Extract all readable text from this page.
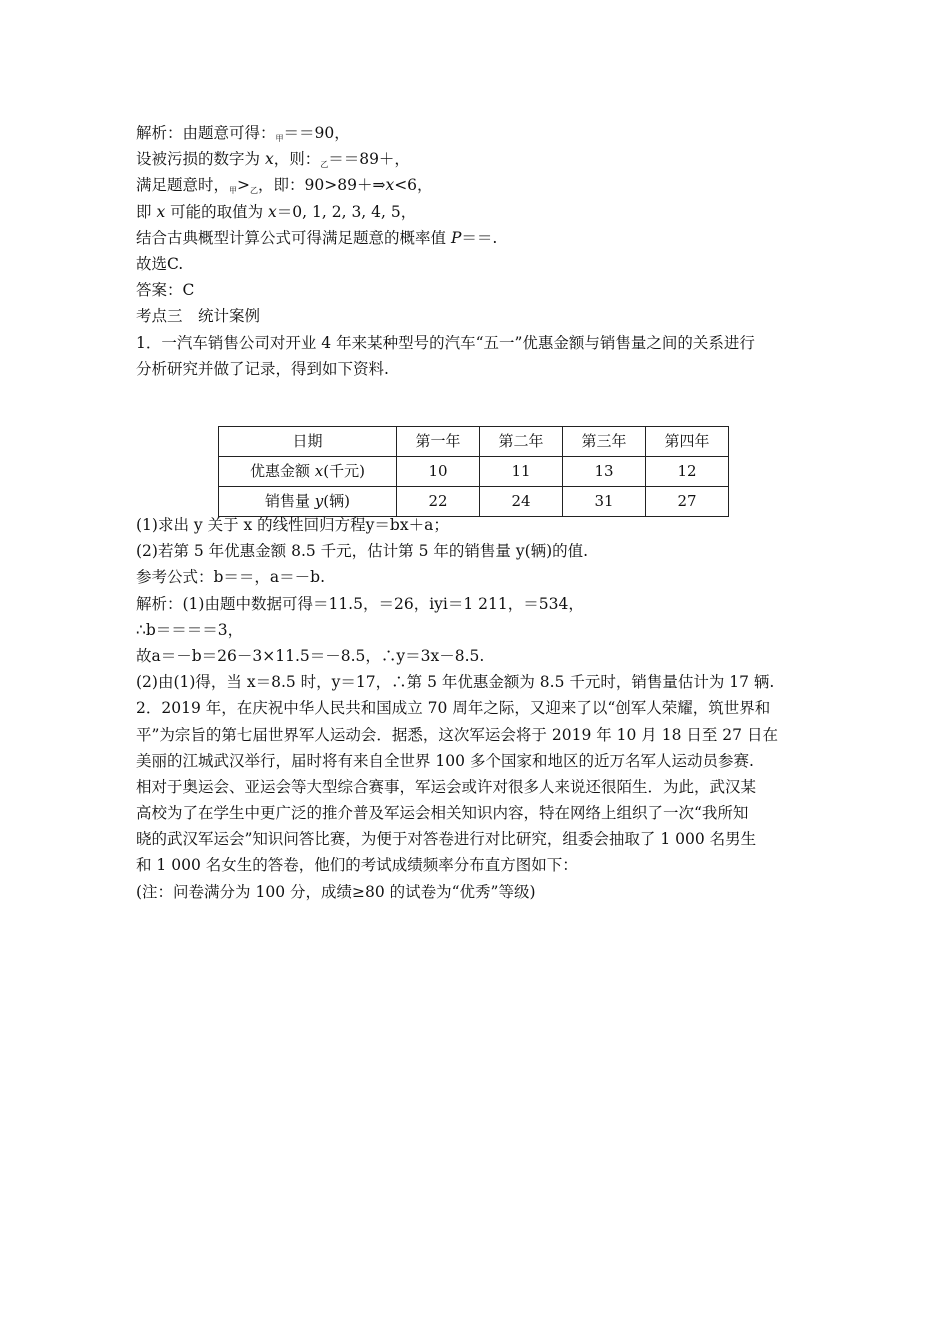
解析：由题意可得：甲＝＝90，
设被污损的数字为 x，则：乙＝＝89＋，
满足题意时，甲>乙，即：90>89＋⇒x<6，
即 x 可能的取值为 x＝0, 1, 2, 3, 4, 5，
结合古典概型计算公式可得满足题意的概率值 P＝＝.
故选C.
答案：C
考点三　统计案例
1．一汽车销售公司对开业 4 年来某种型号的汽车“五一”优惠金额与销售量之间的关系进行
分析研究并做了记录，得到如下资料.
日期	第一年	第二年	第三年	第四年
优惠金额 x(千元)	10	11	13	12
销售量 y(辆)	22	24	31	27
(1)求出 y 关于 x 的线性回归方程y＝bx＋a；
(2)若第 5 年优惠金额 8.5 千元，估计第 5 年的销售量 y(辆)的值.
参考公式：b＝＝，a＝－b.
解析：(1)由题中数据可得＝11.5，＝26，iyi＝1 211，＝534，
∴b＝＝＝＝3，
故a＝－b＝26－3×11.5＝－8.5，∴y＝3x－8.5.
(2)由(1)得，当 x＝8.5 时，y＝17，∴第 5 年优惠金额为 8.5 千元时，销售量估计为 17 辆.
2．2019 年，在庆祝中华人民共和国成立 70 周年之际，又迎来了以“创军人荣耀，筑世界和
平”为宗旨的第七届世界军人运动会．据悉，这次军运会将于 2019 年 10 月 18 日至 27 日在
美丽的江城武汉举行，届时将有来自全世界 100 多个国家和地区的近万名军人运动员参赛.
相对于奥运会、亚运会等大型综合赛事，军运会或许对很多人来说还很陌生．为此，武汉某
高校为了在学生中更广泛的推介普及军运会相关知识内容，特在网络上组织了一次“我所知
晓的武汉军运会”知识问答比赛，为便于对答卷进行对比研究，组委会抽取了 1 000 名男生
和 1 000 名女生的答卷，他们的考试成绩频率分布直方图如下：
(注：问卷满分为 100 分，成绩≥80 的试卷为“优秀”等级)
